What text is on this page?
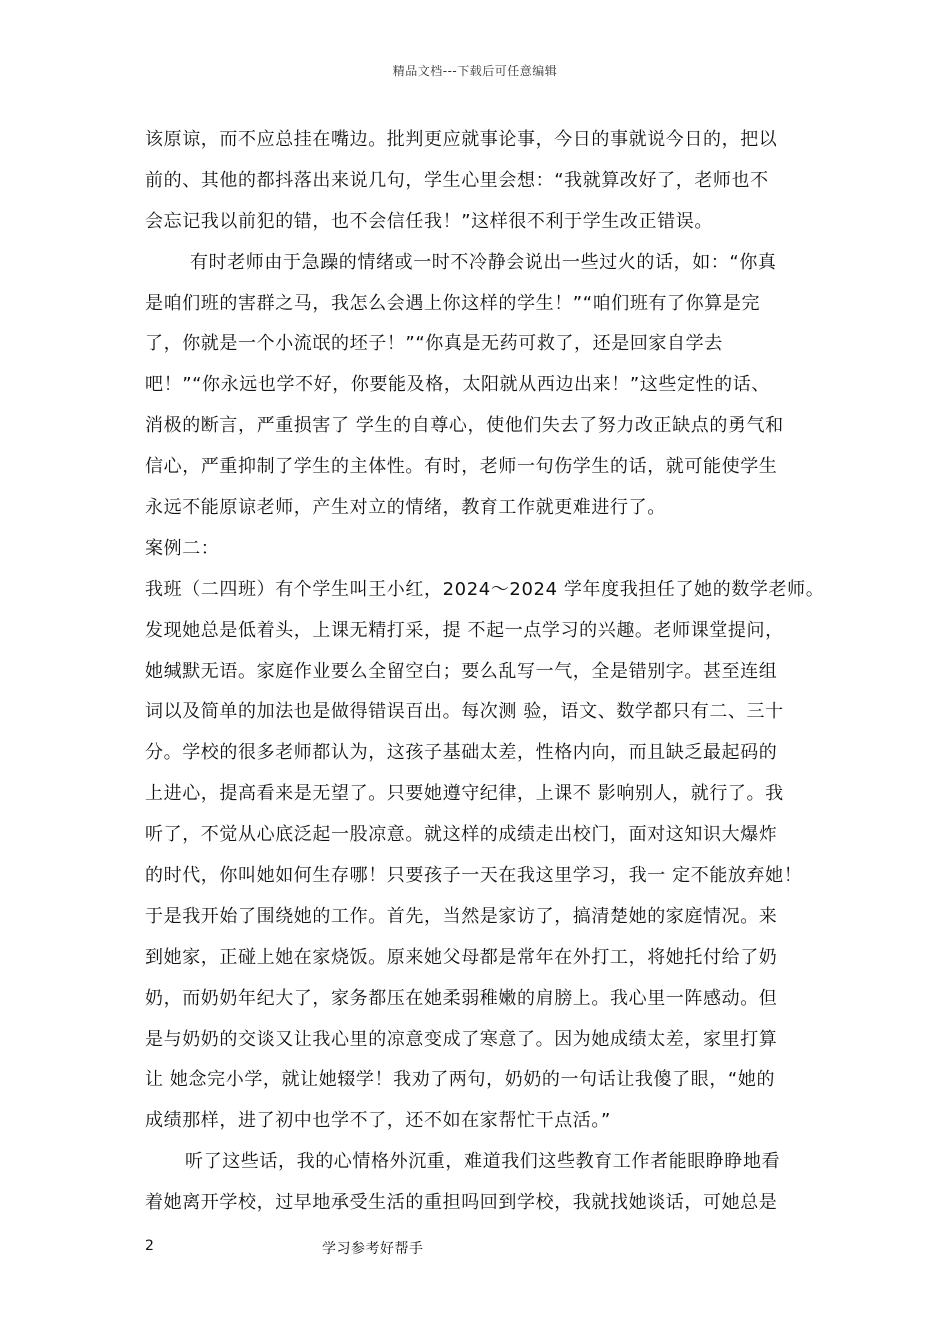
精品文档---下载后可任意编辑
该原谅，而不应总挂在嘴边。批判更应就事论事，今日的事就说今日的，把以
前的、其他的都抖落出来说几句，学生心里会想：“我就算改好了，老师也不
会忘记我以前犯的错，也不会信任我！”这样很不利于学生改正错误。
有时老师由于急躁的情绪或一时不冷静会说出一些过火的话，如：“你真
是咱们班的害群之马，我怎么会遇上你这样的学生！”“咱们班有了你算是完
了，你就是一个小流氓的坯子！”“你真是无药可救了，还是回家自学去
吧！”“你永远也学不好，你要能及格，太阳就从西边出来！”这些定性的话、
消极的断言，严重损害了 学生的自尊心，使他们失去了努力改正缺点的勇气和
信心，严重抑制了学生的主体性。有时，老师一句伤学生的话，就可能使学生
永远不能原谅老师，产生对立的情绪，教育工作就更难进行了。
案例二：
我班（二四班）有个学生叫王小红，2024～2024 学年度我担任了她的数学老师。
发现她总是低着头，上课无精打采，提 不起一点学习的兴趣。老师课堂提问，
她缄默无语。家庭作业要么全留空白；要么乱写一气，全是错别字。甚至连组
词以及简单的加法也是做得错误百出。每次测 验，语文、数学都只有二、三十
分。学校的很多老师都认为，这孩子基础太差，性格内向，而且缺乏最起码的
上进心，提高看来是无望了。只要她遵守纪律，上课不 影响别人，就行了。我
听了，不觉从心底泛起一股凉意。就这样的成绩走出校门，面对这知识大爆炸
的时代，你叫她如何生存哪！只要孩子一天在我这里学习，我一 定不能放弃她！
于是我开始了围绕她的工作。首先，当然是家访了，搞清楚她的家庭情况。来
到她家，正碰上她在家烧饭。原来她父母都是常年在外打工，将她托付给了奶
奶，而奶奶年纪大了，家务都压在她柔弱稚嫩的肩膀上。我心里一阵感动。但
是与奶奶的交谈又让我心里的凉意变成了寒意了。因为她成绩太差，家里打算
让 她念完小学，就让她辍学！我劝了两句，奶奶的一句话让我傻了眼，“她的
成绩那样，进了初中也学不了，还不如在家帮忙干点活。”
听了这些话，我的心情格外沉重，难道我们这些教育工作者能眼睁睁地看
着她离开学校，过早地承受生活的重担吗回到学校，我就找她谈话，可她总是
2	学习参考好帮手
